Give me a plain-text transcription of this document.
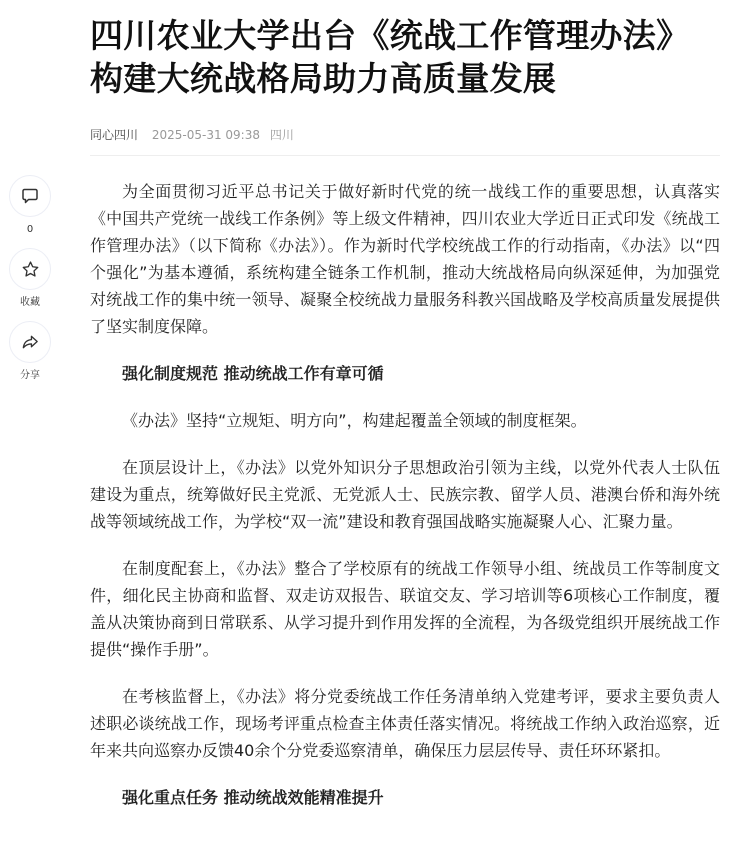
0
收藏
分享
四川农业大学出台《统战工作管理办法》构建大统战格局助力高质量发展
同心四川 2025-05-31 09:38 四川

为全面贯彻习近平总书记关于做好新时代党的统一战线工作的重要思想，认真落实《中国共产党统一战线工作条例》等上级文件精神，四川农业大学近日正式印发《统战工作管理办法》（以下简称《办法》）。作为新时代学校统战工作的行动指南，《办法》以“四个强化”为基本遵循，系统构建全链条工作机制，推动大统战格局向纵深延伸，为加强党对统战工作的集中统一领导、凝聚全校统战力量服务科教兴国战略及学校高质量发展提供了坚实制度保障。

强化制度规范 推动统战工作有章可循

《办法》坚持“立规矩、明方向”，构建起覆盖全领域的制度框架。

在顶层设计上，《办法》以党外知识分子思想政治引领为主线，以党外代表人士队伍建设为重点，统筹做好民主党派、无党派人士、民族宗教、留学人员、港澳台侨和海外统战等领域统战工作，为学校“双一流”建设和教育强国战略实施凝聚人心、汇聚力量。

在制度配套上，《办法》整合了学校原有的统战工作领导小组、统战员工作等制度文件，细化民主协商和监督、双走访双报告、联谊交友、学习培训等6项核心工作制度，覆盖从决策协商到日常联系、从学习提升到作用发挥的全流程，为各级党组织开展统战工作提供“操作手册”。

在考核监督上，《办法》将分党委统战工作任务清单纳入党建考评，要求主要负责人述职必谈统战工作，现场考评重点检查主体责任落实情况。将统战工作纳入政治巡察，近年来共向巡察办反馈40余个分党委巡察清单，确保压力层层传导、责任环环紧扣。

强化重点任务 推动统战效能精准提升
